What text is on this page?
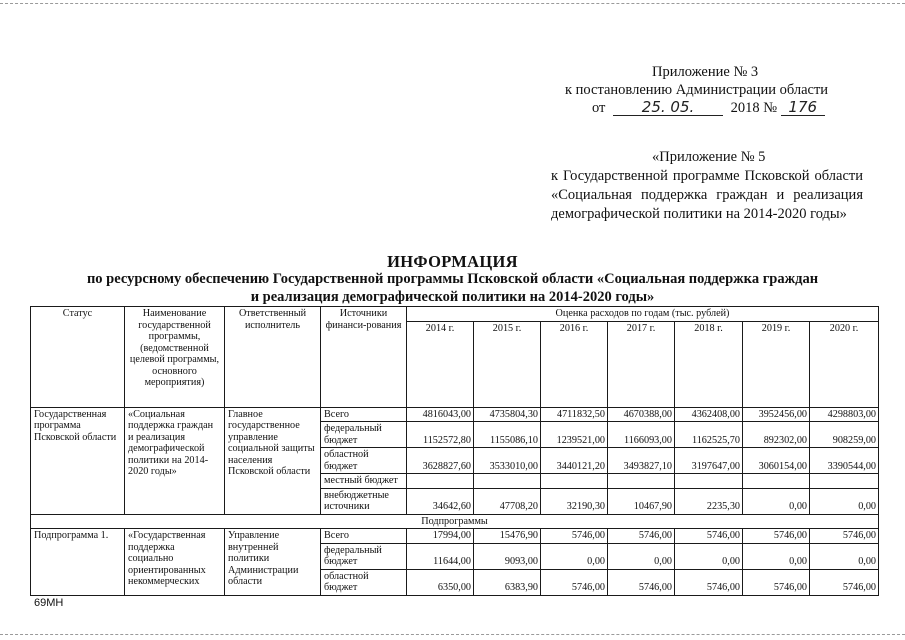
Приложение № 3
к постановлению Администрации области
от 25. 05.	2018 № 176
«Приложение № 5
к Государственной программе Псковской области «Социальная поддержка граждан и реализация демографической политики на 2014-2020 годы»
ИНФОРМАЦИЯ
по ресурсному обеспечению Государственной программы Псковской области «Социальная поддержка граждан
и реализация демографической политики на 2014-2020 годы»
Статус	Наименование государственной программы, (ведомственной целевой программы, основного мероприятия)	Ответственный исполнитель	Источники финанси-рования	Оценка расходов по годам (тыс. рублей)						
				2014 г.	2015 г.	2016 г.	2017 г.	2018 г.	2019 г.	2020 г.
Государственная программа Псковской области	«Социальная поддержка граждан и реализация демографической политики на 2014-2020 годы»	Главное государственное управление социальной защиты населения Псковской области	Всего	4816043,00	4735804,30	4711832,50	4670388,00	4362408,00	3952456,00	4298803,00
			федеральный бюджет	1152572,80	1155086,10	1239521,00	1166093,00	1162525,70	892302,00	908259,00
			областной бюджет	3628827,60	3533010,00	3440121,20	3493827,10	3197647,00	3060154,00	3390544,00
			местный бюджет							
			внебюджетные источники	34642,60	47708,20	32190,30	10467,90	2235,30	0,00	0,00
Подпрограммы										
Подпрограмма 1.	«Государственная поддержка социально ориентированных некоммерческих	Управление внутренней политики Администрации области	Всего	17994,00	15476,90	5746,00	5746,00	5746,00	5746,00	5746,00
			федеральный бюджет	11644,00	9093,00	0,00	0,00	0,00	0,00	0,00
			областной бюджет	6350,00	6383,90	5746,00	5746,00	5746,00	5746,00	5746,00
69МН
